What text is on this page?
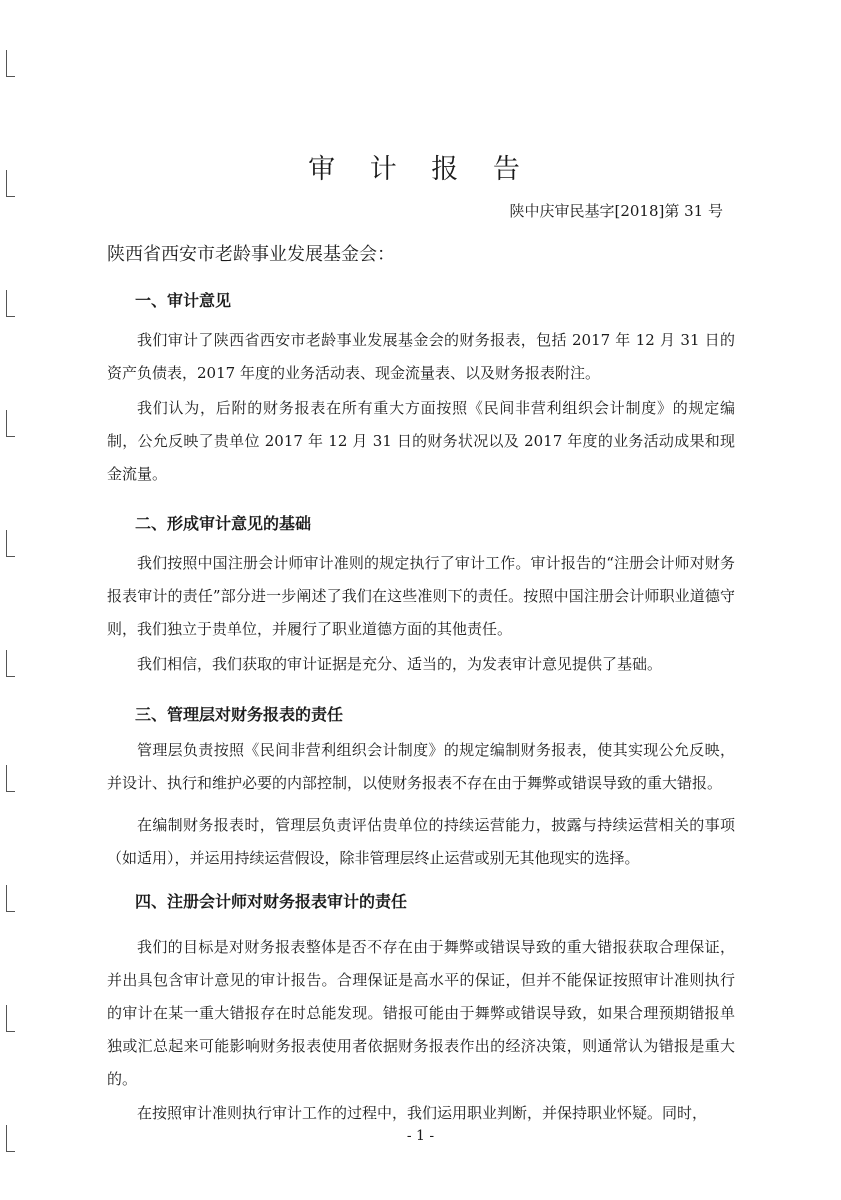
审 计 报 告
陕中庆审民基字[2018]第 31 号
陕西省西安市老龄事业发展基金会：
一、审计意见

我们审计了陕西省西安市老龄事业发展基金会的财务报表，包括 2017 年 12 月 31 日的资产负债表，2017 年度的业务活动表、现金流量表、以及财务报表附注。

我们认为，后附的财务报表在所有重大方面按照《民间非营利组织会计制度》的规定编制，公允反映了贵单位 2017 年 12 月 31 日的财务状况以及 2017 年度的业务活动成果和现金流量。

二、形成审计意见的基础

我们按照中国注册会计师审计准则的规定执行了审计工作。审计报告的“注册会计师对财务报表审计的责任”部分进一步阐述了我们在这些准则下的责任。按照中国注册会计师职业道德守则，我们独立于贵单位，并履行了职业道德方面的其他责任。

我们相信，我们获取的审计证据是充分、适当的，为发表审计意见提供了基础。

三、管理层对财务报表的责任

管理层负责按照《民间非营利组织会计制度》的规定编制财务报表，使其实现公允反映，并设计、执行和维护必要的内部控制，以使财务报表不存在由于舞弊或错误导致的重大错报。

在编制财务报表时，管理层负责评估贵单位的持续运营能力，披露与持续运营相关的事项（如适用），并运用持续运营假设，除非管理层终止运营或别无其他现实的选择。

四、注册会计师对财务报表审计的责任

我们的目标是对财务报表整体是否不存在由于舞弊或错误导致的重大错报获取合理保证，并出具包含审计意见的审计报告。合理保证是高水平的保证，但并不能保证按照审计准则执行的审计在某一重大错报存在时总能发现。错报可能由于舞弊或错误导致，如果合理预期错报单独或汇总起来可能影响财务报表使用者依据财务报表作出的经济决策，则通常认为错报是重大的。

在按照审计准则执行审计工作的过程中，我们运用职业判断，并保持职业怀疑。同时，

- 1 -
